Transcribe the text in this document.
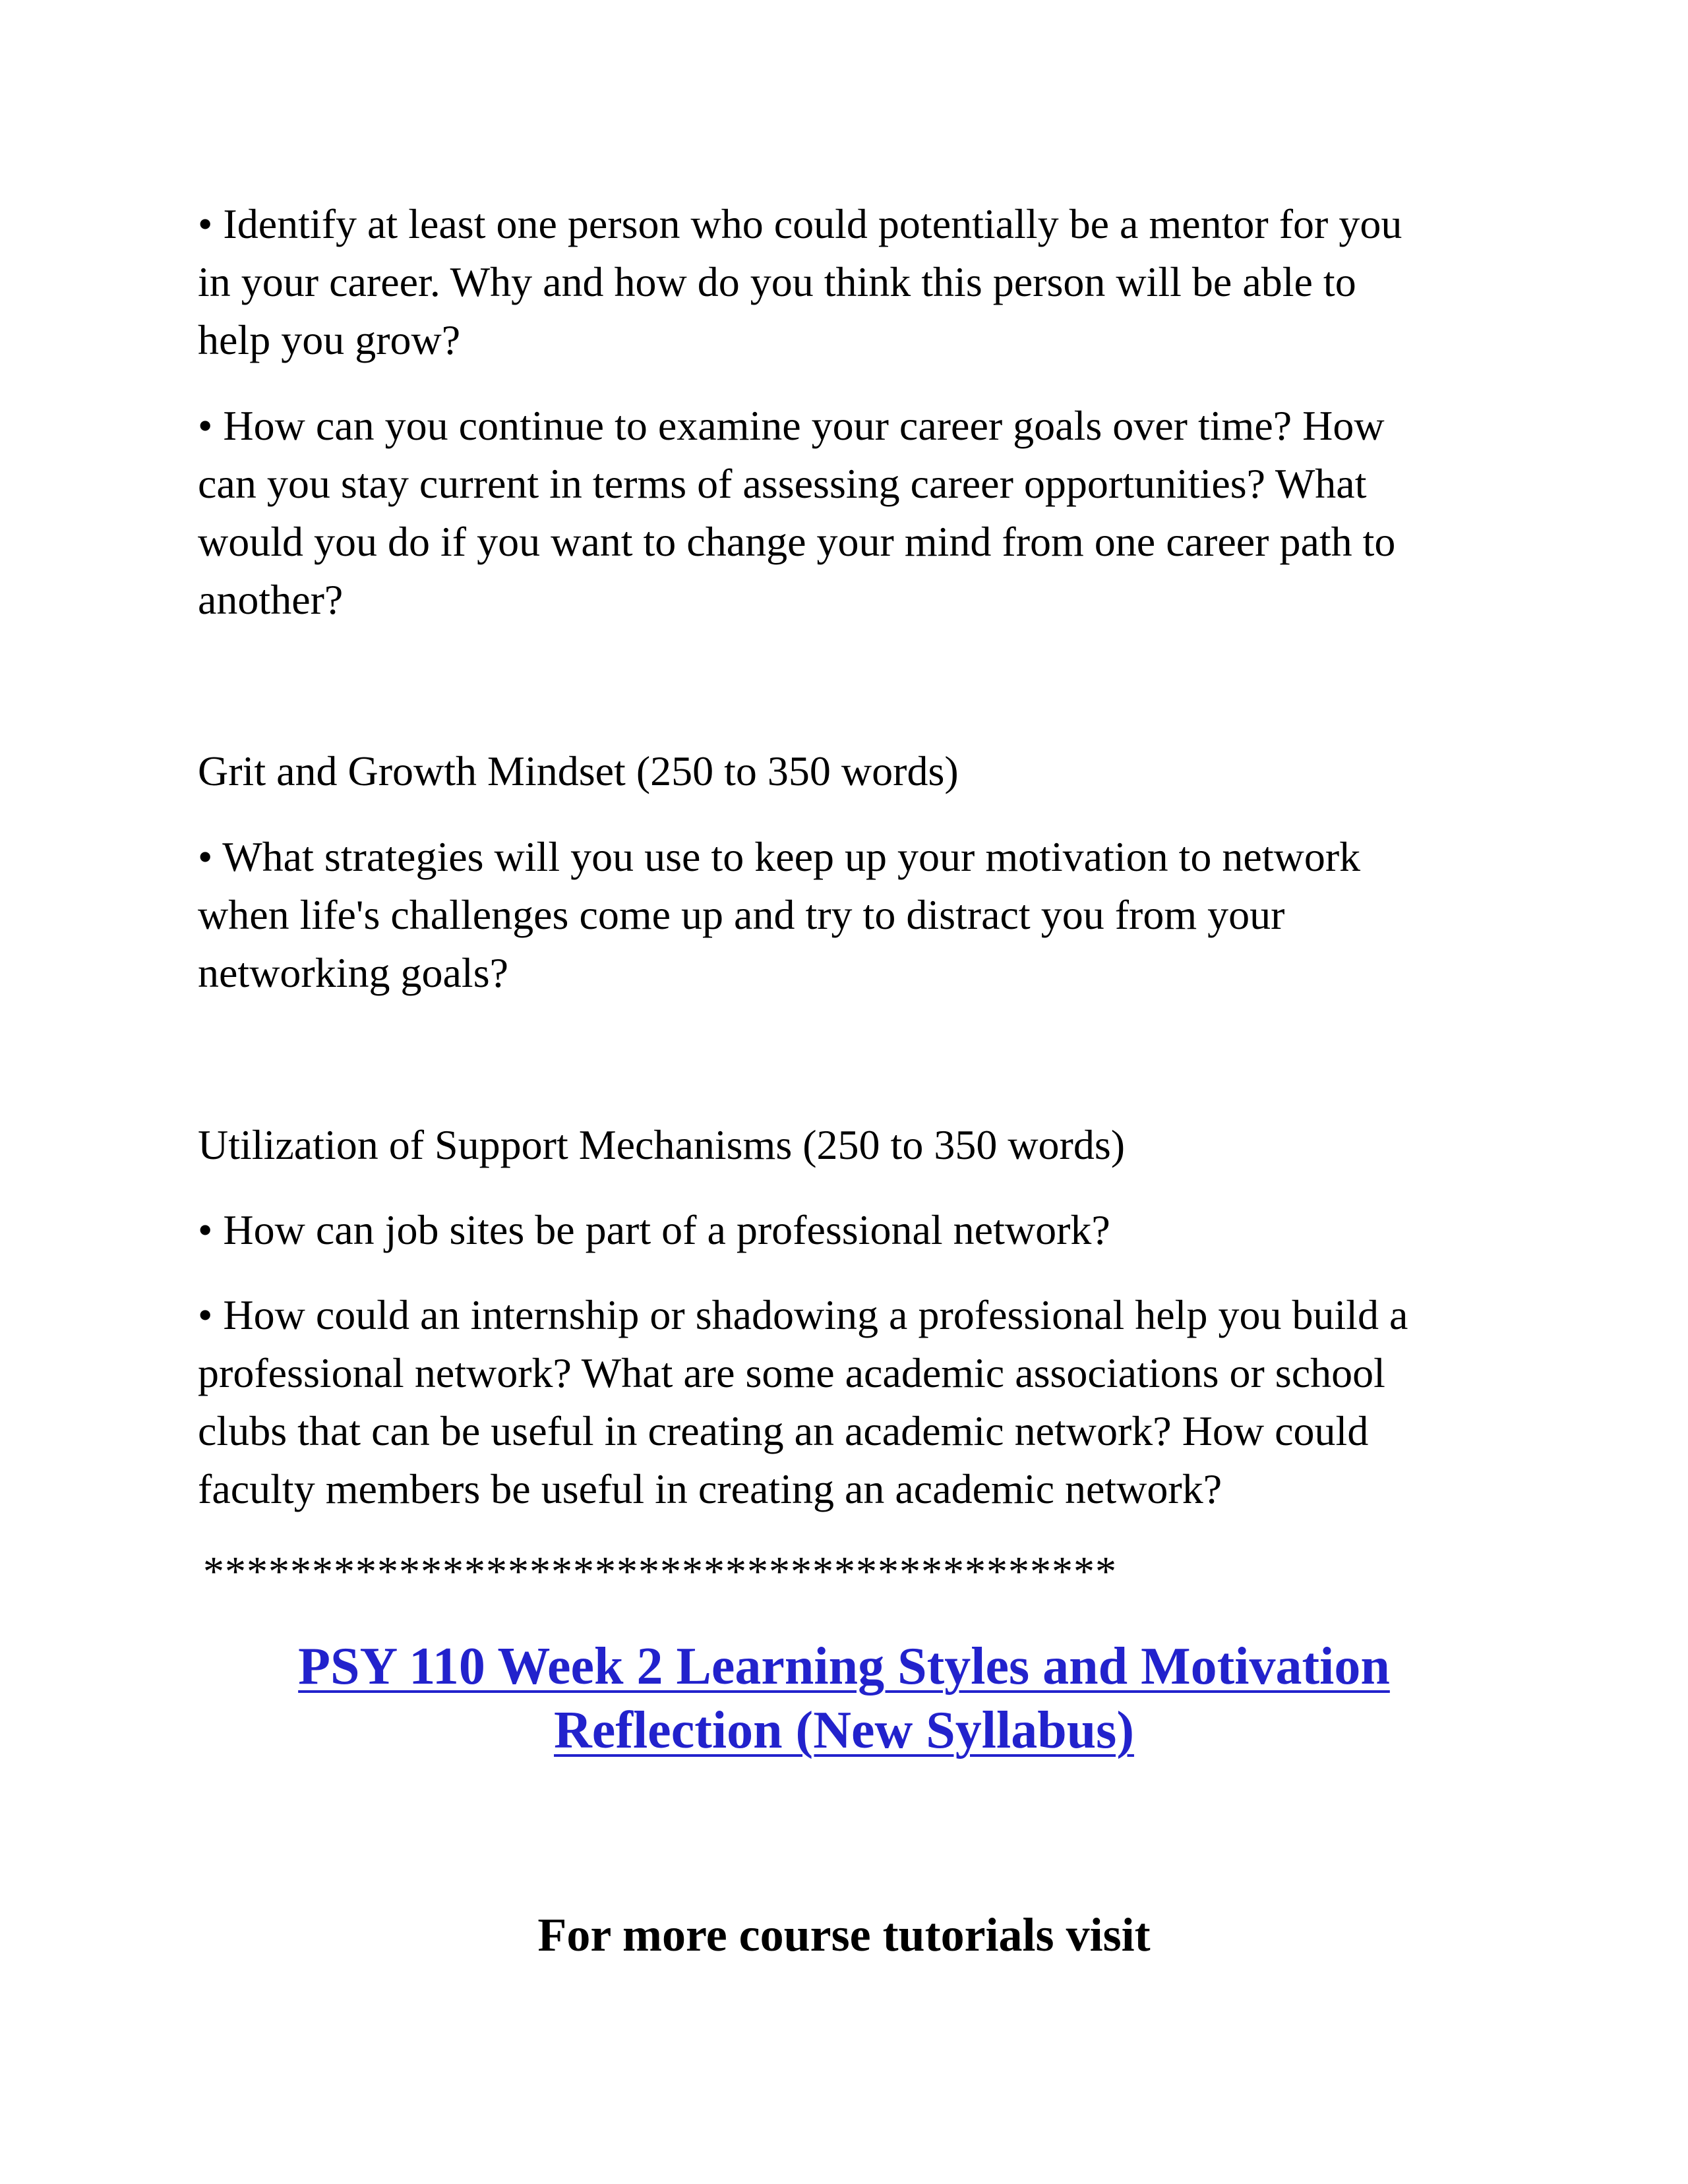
• Identify at least one person who could potentially be a mentor for you
in your career. Why and how do you think this person will be able to
help you grow?

• How can you continue to examine your career goals over time? How
can you stay current in terms of assessing career opportunities? What
would you do if you want to change your mind from one career path to
another?

Grit and Growth Mindset (250 to 350 words)

• What strategies will you use to keep up your motivation to network
when life's challenges come up and try to distract you from your
networking goals?

Utilization of Support Mechanisms (250 to 350 words)

• How can job sites be part of a professional network?

• How could an internship or shadowing a professional help you build a
professional network? What are some academic associations or school
clubs that can be useful in creating an academic network? How could
faculty members be useful in creating an academic network?

******************************************

PSY 110 Week 2 Learning Styles and Motivation
Reflection (New Syllabus)
For more course tutorials visit
